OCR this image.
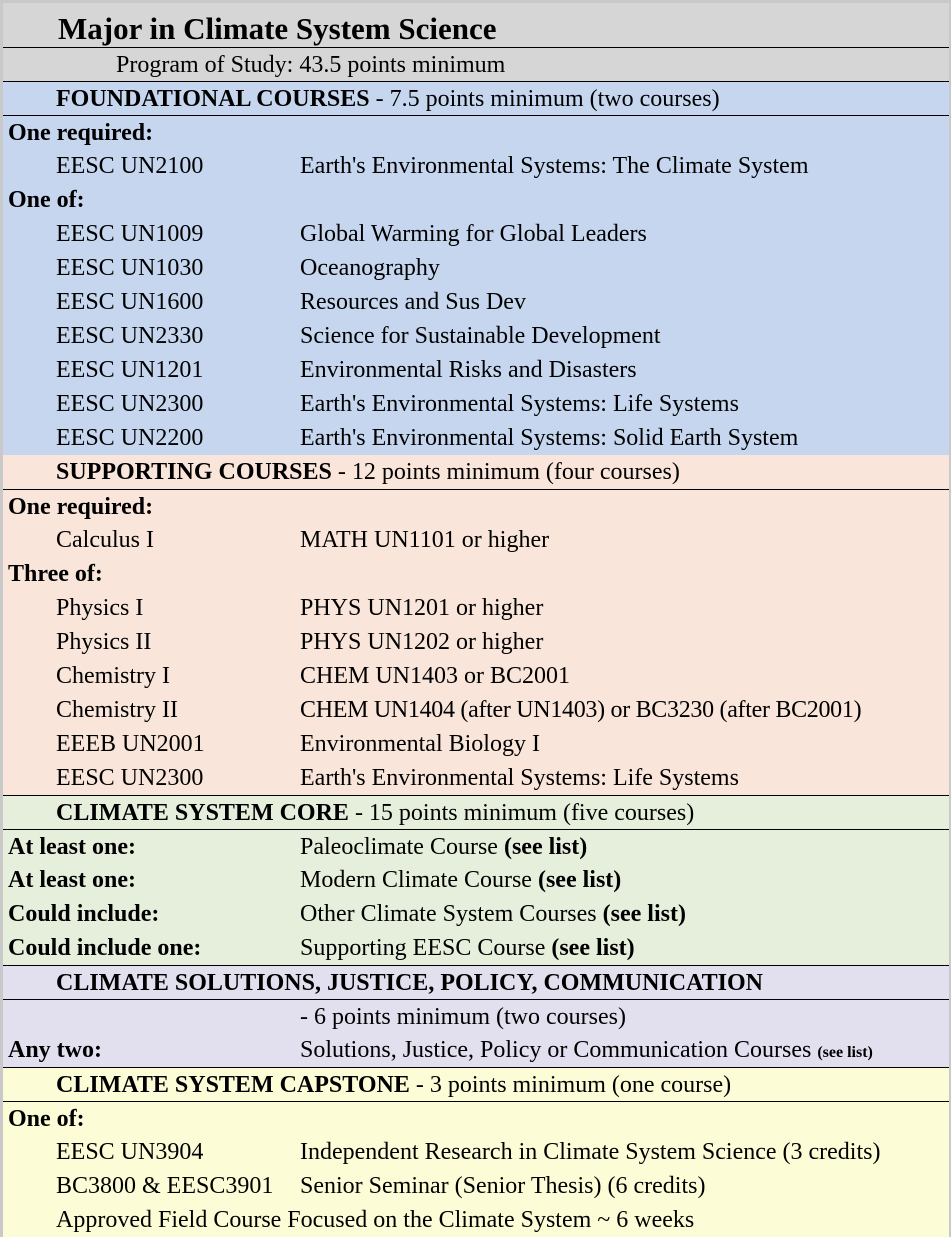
Major in Climate System Science
Program of Study: 43.5 points minimum
FOUNDATIONAL COURSES - 7.5 points minimum (two courses)
One required:
EESC UN2100	Earth's Environmental Systems: The Climate System
One of:
EESC UN1009	Global Warming for Global Leaders
EESC UN1030	Oceanography
EESC UN1600	Resources and Sus Dev
EESC UN2330	Science for Sustainable Development
EESC UN1201	Environmental Risks and Disasters
EESC UN2300	Earth's Environmental Systems: Life Systems
EESC UN2200	Earth's Environmental Systems: Solid Earth System
SUPPORTING COURSES - 12 points minimum (four courses)
One required:
Calculus I	MATH UN1101 or higher
Three of:
Physics I	PHYS UN1201 or higher
Physics II	PHYS UN1202 or higher
Chemistry I	CHEM UN1403 or BC2001
Chemistry II	CHEM UN1404 (after UN1403) or BC3230 (after BC2001)
EEEB UN2001	Environmental Biology I
EESC UN2300	Earth's Environmental Systems: Life Systems
CLIMATE SYSTEM CORE - 15 points minimum (five courses)
At least one:	Paleoclimate Course (see list)
At least one:	Modern Climate Course (see list)
Could include:	Other Climate System Courses (see list)
Could include one:	Supporting EESC Course (see list)
CLIMATE SOLUTIONS, JUSTICE, POLICY, COMMUNICATION
- 6 points minimum (two courses)
Any two:	Solutions, Justice, Policy or Communication Courses (see list)
CLIMATE SYSTEM CAPSTONE - 3 points minimum (one course)
One of:
EESC UN3904	Independent Research in Climate System Science (3 credits)
BC3800 & EESC3901 Senior Seminar (Senior Thesis) (6 credits)
Approved Field Course Focused on the Climate System ~ 6 weeks
